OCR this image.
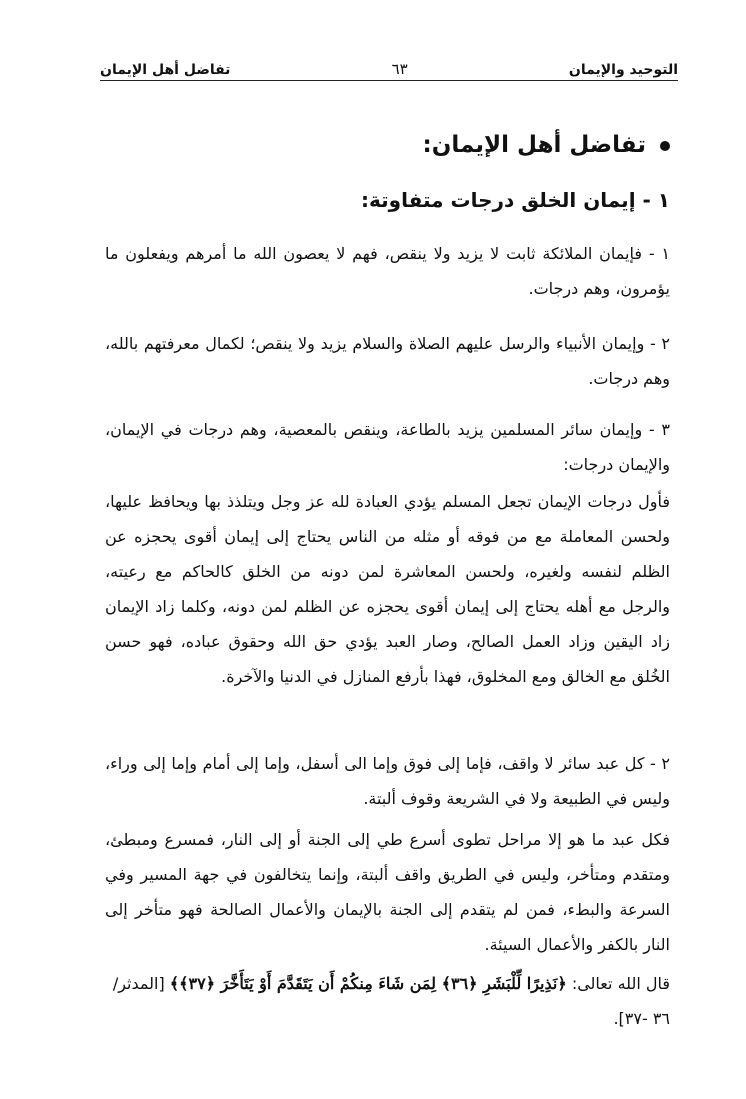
تفاضل أهل الإيمان	٦٣	التوحيد والإيمان
تفاضل أهل الإيمان:
١ - إيمان الخلق درجات متفاوتة:
١ - فإيمان الملائكة ثابت لا يزيد ولا ينقص، فهم لا يعصون الله ما أمرهم ويفعلون ما يؤمرون، وهم درجات.
٢ - وإيمان الأنبياء والرسل عليهم الصلاة والسلام يزيد ولا ينقص؛ لكمال معرفتهم بالله، وهم درجات.
٣ - وإيمان سائر المسلمين يزيد بالطاعة، وينقص بالمعصية، وهم درجات في الإيمان، والإيمان درجات:
فأول درجات الإيمان تجعل المسلم يؤدي العبادة لله عز وجل ويتلذذ بها ويحافظ عليها، ولحسن المعاملة مع من فوقه أو مثله من الناس يحتاج إلى إيمان أقوى يحجزه عن الظلم لنفسه ولغيره، ولحسن المعاشرة لمن دونه من الخلق كالحاكم مع رعيته، والرجل مع أهله يحتاج إلى إيمان أقوى يحجزه عن الظلم لمن دونه، وكلما زاد الإيمان زاد اليقين وزاد العمل الصالح، وصار العبد يؤدي حق الله وحقوق عباده، فهو حسن الخُلق مع الخالق ومع المخلوق، فهذا بأرفع المنازل في الدنيا والآخرة.
٢ - كل عبد سائر لا واقف، فإما إلى فوق وإما الى أسفل، وإما إلى أمام وإما إلى وراء، وليس في الطبيعة ولا في الشريعة وقوف ألبتة.
فكل عبد ما هو إلا مراحل تطوى أسرع طي إلى الجنة أو إلى النار، فمسرع ومبطئ، ومتقدم ومتأخر، وليس في الطريق واقف ألبتة، وإنما يتخالفون في جهة المسير وفي السرعة والبطء، فمن لم يتقدم إلى الجنة بالإيمان والأعمال الصالحة فهو متأخر إلى النار بالكفر والأعمال السيئة.
قال الله تعالى: ﴿نَذِيرًا لِّلْبَشَرِ ﴿٣٦﴾ لِمَن شَاءَ مِنكُمْ أَن يَتَقَدَّمَ أَوْ يَتَأَخَّرَ ﴿٣٧﴾﴾ [المدثر/ ٣٦ -٣٧].
